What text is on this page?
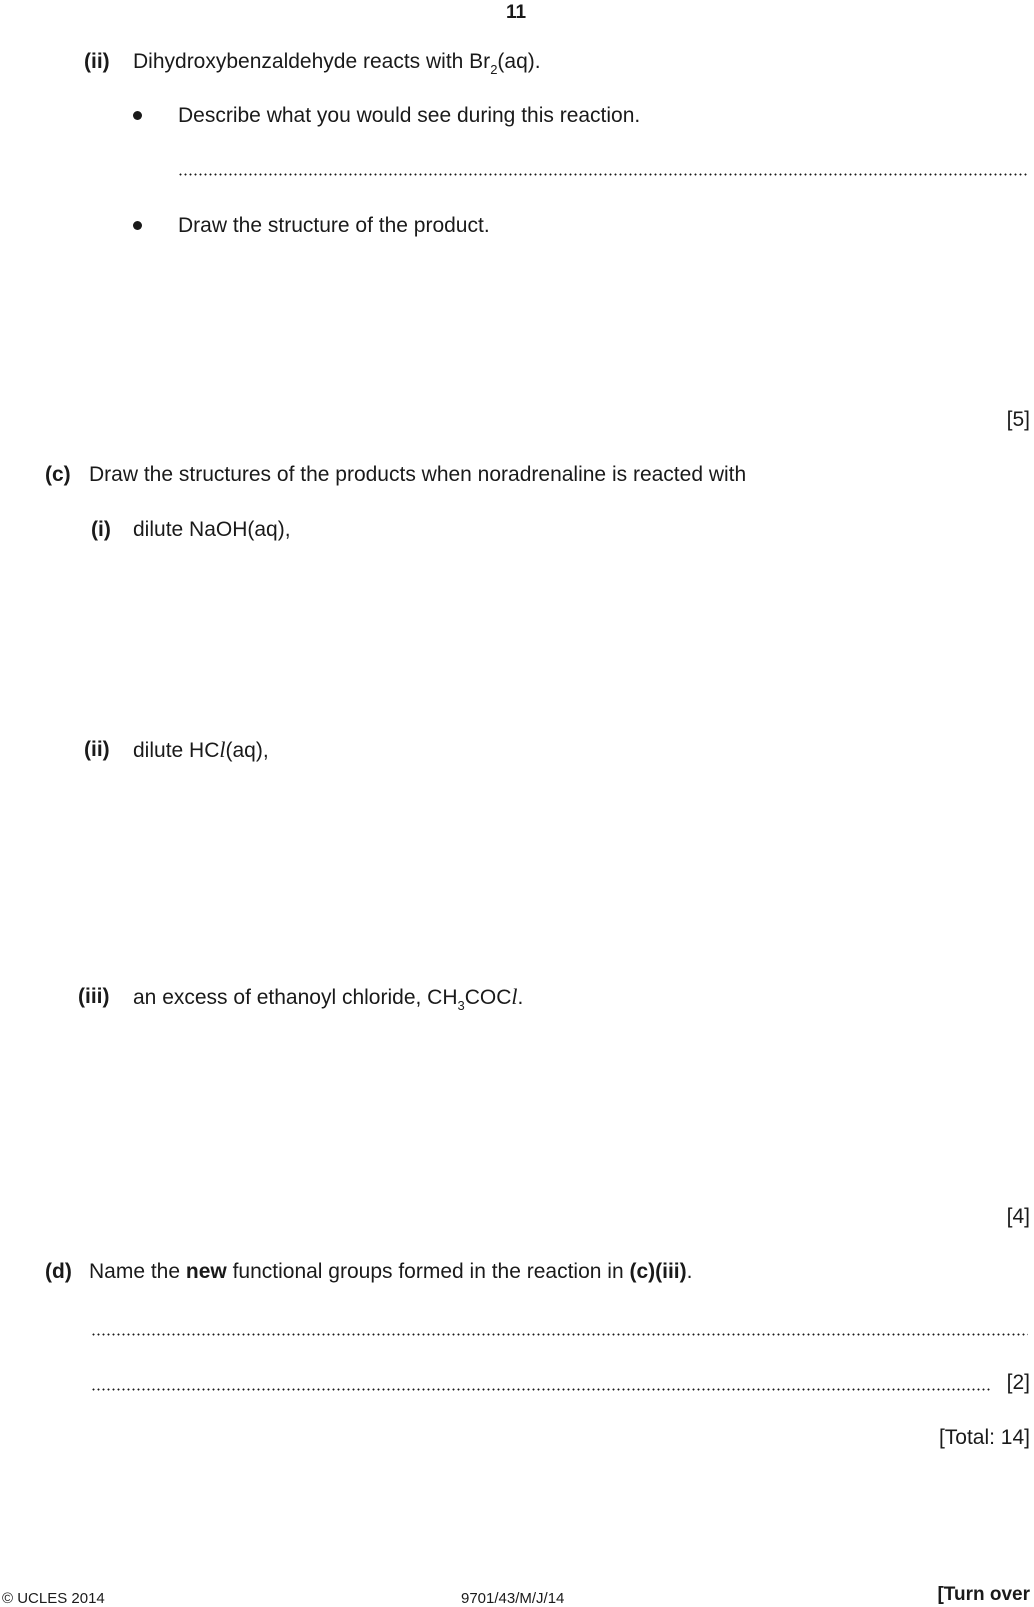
11
(ii) Dihydroxybenzaldehyde reacts with $Br_2(aq)$.
Describe what you would see during this reaction.
Draw the structure of the product.
[5]
(c) Draw the structures of the products when noradrenaline is reacted with
(i) dilute NaOH(aq),
(ii) dilute HCl(aq),
(iii) an excess of ethanoyl chloride, $CH_3COCl$.
[4]
(d) Name the new functional groups formed in the reaction in (c)(iii).
[2]
[Total: 14]
© UCLES 2014	9701/43/M/J/14	[Turn over
